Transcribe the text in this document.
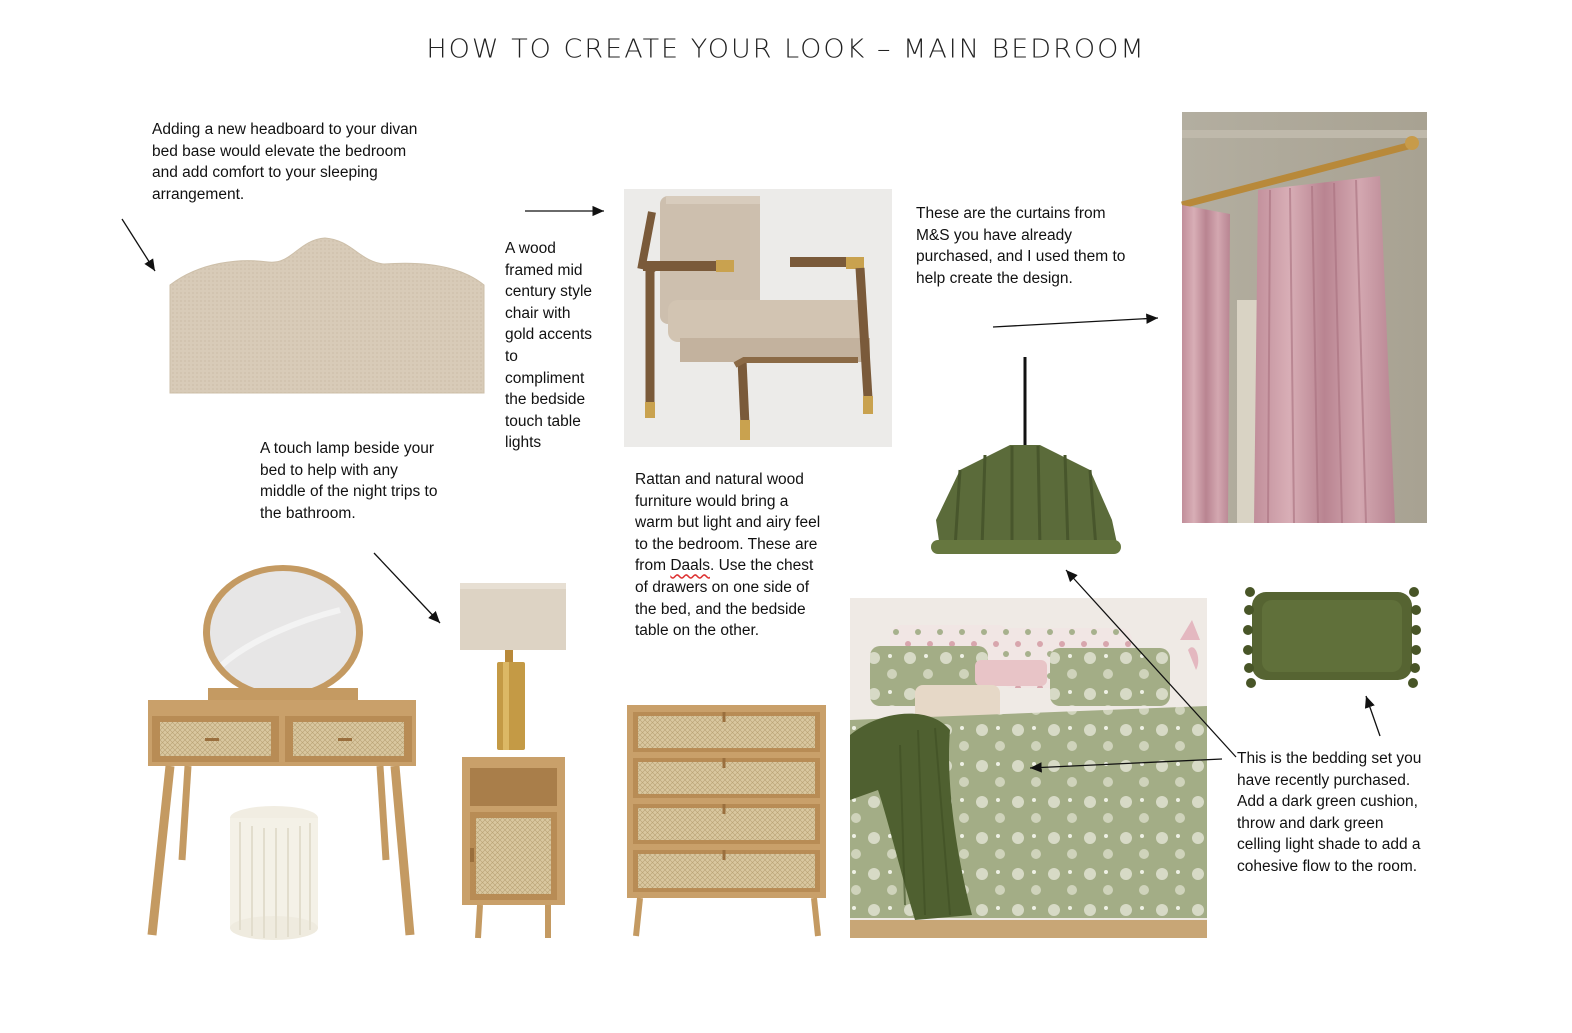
HOW TO CREATE YOUR LOOK – MAIN BEDROOM
Adding a new headboard to your divan
bed base would elevate the bedroom
and add comfort to your sleeping
arrangement.
A wood
framed mid
century style
chair with
gold accents
to
compliment
the bedside
touch table
lights
These are the curtains from
M&S you have already
purchased, and I used them to
help create the design.
A touch lamp beside your
bed to help with any
middle of the night trips to
the bathroom.
Rattan and natural wood
furniture would bring a
warm but light and airy feel
to the bedroom. These are
from Daals. Use the chest
of drawers on one side of
the bed, and the bedside
table on the other.
This is the bedding set you
have recently purchased.
Add a dark green cushion,
throw and dark green
celling light shade to add a
cohesive flow to the room.
